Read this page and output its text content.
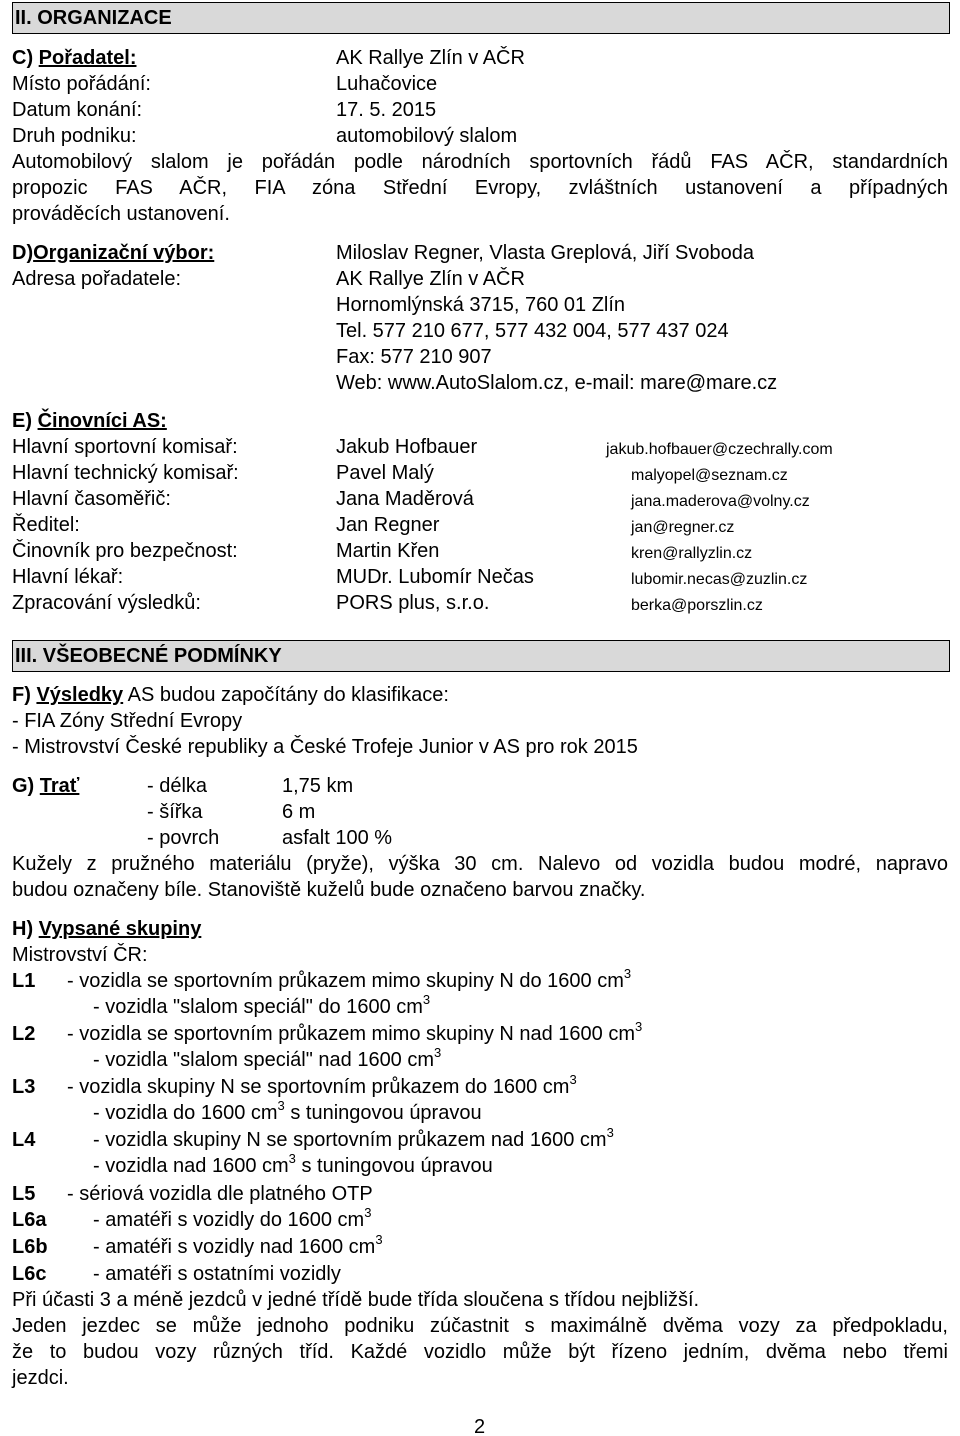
II. ORGANIZACE
C) Pořadatel:	AK Rallye Zlín v AČR
Místo pořádání:	Luhačovice
Datum konání:	17. 5. 2015
Druh podniku:	automobilový slalom
Automobilový slalom je pořádán podle národních sportovních řádů FAS AČR, standardních
propozic FAS AČR, FIA zóna Střední Evropy, zvláštních ustanovení a případných
prováděcích ustanovení.
D)Organizační výbor:	Miloslav Regner, Vlasta Greplová, Jiří Svoboda
Adresa pořadatele:	AK Rallye Zlín v AČR
Hornomlýnská 3715, 760 01 Zlín
Tel. 577 210 677, 577 432 004, 577 437 024
Fax: 577 210 907
Web: www.AutoSlalom.cz, e-mail: mare@mare.cz
E) Činovníci AS:
Hlavní sportovní komisař:	Jakub Hofbauer	jakub.hofbauer@czechrally.com
Hlavní technický komisař:	Pavel Malý	malyopel@seznam.cz
Hlavní časoměřič:	Jana Maděrová	jana.maderova@volny.cz
Ředitel:	Jan Regner	jan@regner.cz
Činovník pro bezpečnost:	Martin Křen	kren@rallyzlin.cz
Hlavní lékař:	MUDr. Lubomír Nečas	lubomir.necas@zuzlin.cz
Zpracování výsledků:	PORS plus, s.r.o.	berka@porszlin.cz
III. VŠEOBECNÉ PODMÍNKY
F) Výsledky AS budou započítány do klasifikace:
- FIA Zóny Střední Evropy
- Mistrovství České republiky a České Trofeje Junior v AS pro rok 2015
G) Trať	- délka	1,75 km
- šířka	6 m
- povrch	asfalt 100 %
Kužely z pružného materiálu (pryže), výška 30 cm. Nalevo od vozidla budou modré, napravo
budou označeny bíle. Stanoviště kuželů bude označeno barvou značky.
H) Vypsané skupiny
Mistrovství ČR:
L1 - vozidla se sportovním průkazem mimo skupiny N do 1600 $cm^3$
- vozidla "slalom speciál" do 1600 $cm^3$
L2 - vozidla se sportovním průkazem mimo skupiny N nad 1600 $cm^3$
- vozidla "slalom speciál" nad 1600 $cm^3$
L3 - vozidla skupiny N se sportovním průkazem do 1600 $cm^3$
- vozidla do 1600 $cm^3$ s tuningovou úpravou
L4	- vozidla skupiny N se sportovním průkazem nad 1600 $cm^3$
- vozidla nad 1600 $cm^3$ s tuningovou úpravou
L5 - sériová vozidla dle platného OTP
L6a - amatéři s vozidly do 1600 $cm^3$
L6b - amatéři s vozidly nad 1600 $cm^3$
L6c - amatéři s ostatními vozidly
Při účasti 3 a méně jezdců v jedné třídě bude třída sloučena s třídou nejbližší.
Jeden jezdec se může jednoho podniku zúčastnit s maximálně dvěma vozy za předpokladu,
že to budou vozy různých tříd. Každé vozidlo může být řízeno jedním, dvěma nebo třemi
jezdci.
2
